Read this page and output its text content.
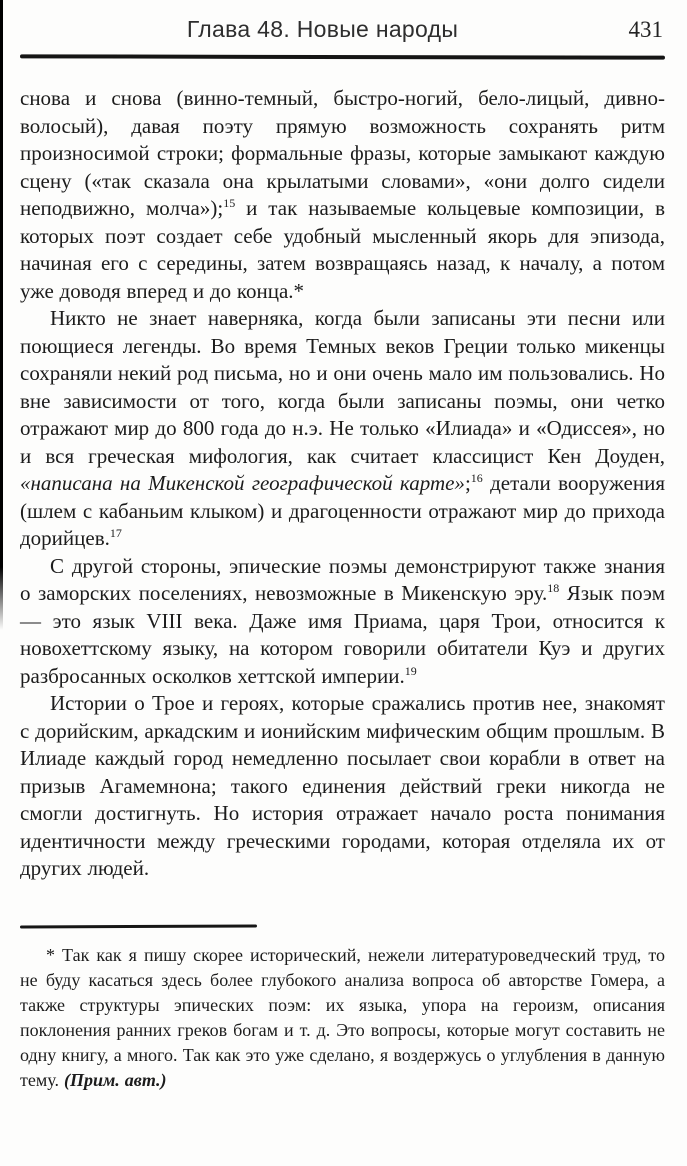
Глава 48. Новые народы	431

снова и снова (винно-темный, быстро-ногий, бело-лицый, дивно-волосый), давая поэту прямую возможность сохранять ритм произносимой строки; формальные фразы, которые замыкают каждую сцену («так сказала она крылатыми словами», «они долго сидели неподвижно, молча»);$^{15}$ и так называемые кольцевые композиции, в которых поэт создает себе удобный мысленный якорь для эпизода, начиная его с середины, затем возвращаясь назад, к началу, а потом уже доводя вперед и до конца.*

Никто не знает наверняка, когда были записаны эти песни или поющиеся легенды. Во время Темных веков Греции только микенцы сохраняли некий род письма, но и они очень мало им пользовались. Но вне зависимости от того, когда были записаны поэмы, они четко отражают мир до 800 года до н.э. Не только «Илиада» и «Одиссея», но и вся греческая мифология, как считает классицист Кен Доуден, «написана на Микенской географической карте»;$^{16}$ детали вооружения (шлем с кабаньим клыком) и драгоценности отражают мир до прихода дорийцев.$^{17}$

С другой стороны, эпические поэмы демонстрируют также знания о заморских поселениях, невозможные в Микенскую эру.$^{18}$ Язык поэм — это язык VIII века. Даже имя Приама, царя Трои, относится к новохеттскому языку, на котором говорили обитатели Куэ и других разбросанных осколков хеттской империи.$^{19}$

Истории о Трое и героях, которые сражались против нее, знакомят с дорийским, аркадским и ионийским мифическим общим прошлым. В Илиаде каждый город немедленно посылает свои корабли в ответ на призыв Агамемнона; такого единения действий греки никогда не смогли достигнуть. Но история отражает начало роста понимания идентичности между греческими городами, которая отделяла их от других людей.

* Так как я пишу скорее исторический, нежели литературоведческий труд, то не буду касаться здесь более глубокого анализа вопроса об авторстве Гомера, а также структуры эпических поэм: их языка, упора на героизм, описания поклонения ранних греков богам и т. д. Это вопросы, которые могут составить не одну книгу, а много. Так как это уже сделано, я воздержусь о углубления в данную тему. (Прим. авт.)
